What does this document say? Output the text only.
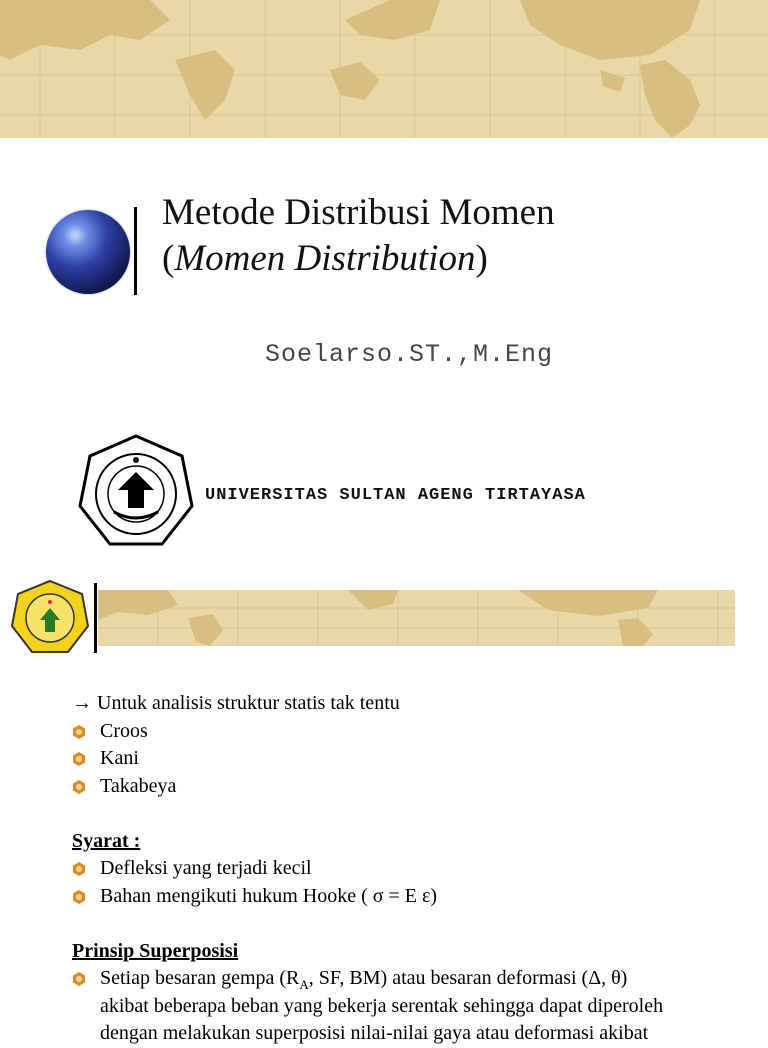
Metode Distribusi Momen
(Momen Distribution)
Soelarso.ST.,M.Eng
UNIVERSITAS SULTAN AGENG TIRTAYASA
→ Untuk analisis struktur statis tak tentu
Croos
Kani
Takabeya
Syarat :
Defleksi yang terjadi kecil
Bahan mengikuti hukum Hooke ( σ = E ε)
Prinsip Superposisi
Setiap besaran gempa ($R_A$, SF, BM) atau besaran deformasi (Δ, θ)
akibat beberapa beban yang bekerja serentak sehingga dapat diperoleh
dengan melakukan superposisi nilai-nilai gaya atau deformasi akibat
